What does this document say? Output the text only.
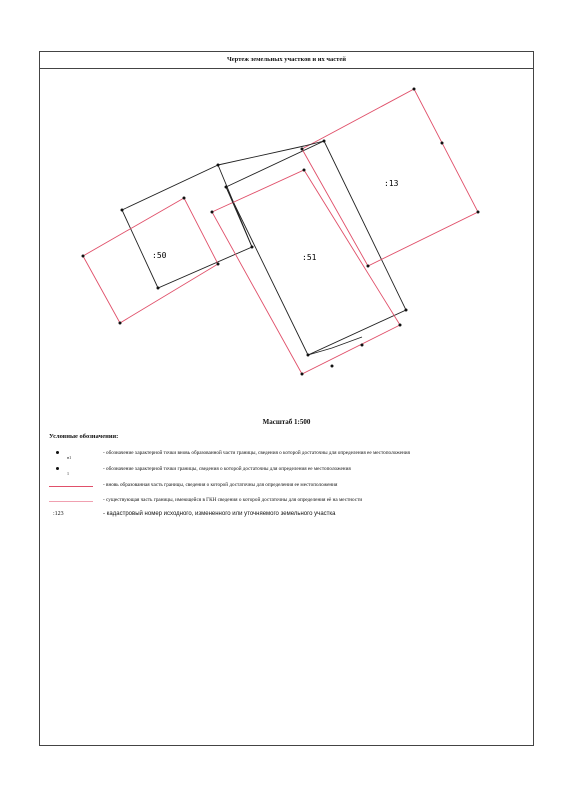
Чертеж земельных участков и их частей
:50	:51
:13
Масштаб 1:500
Условные обозначения:
н1
- обозначение характерной точки вновь образованной части границы, сведения о которой достаточны для определения ее местоположения
1
- обозначение характерной точки границы, сведения о которой достаточны для определения ее местоположения
- вновь образованная часть границы, сведения о которой достаточны для определения ее местоположения
- существующая часть границы, имеющейся в ГКН сведения о которой достаточны для определения её на местности
:123	- кадастровый номер исходного, измененного или уточняемого земельного участка
